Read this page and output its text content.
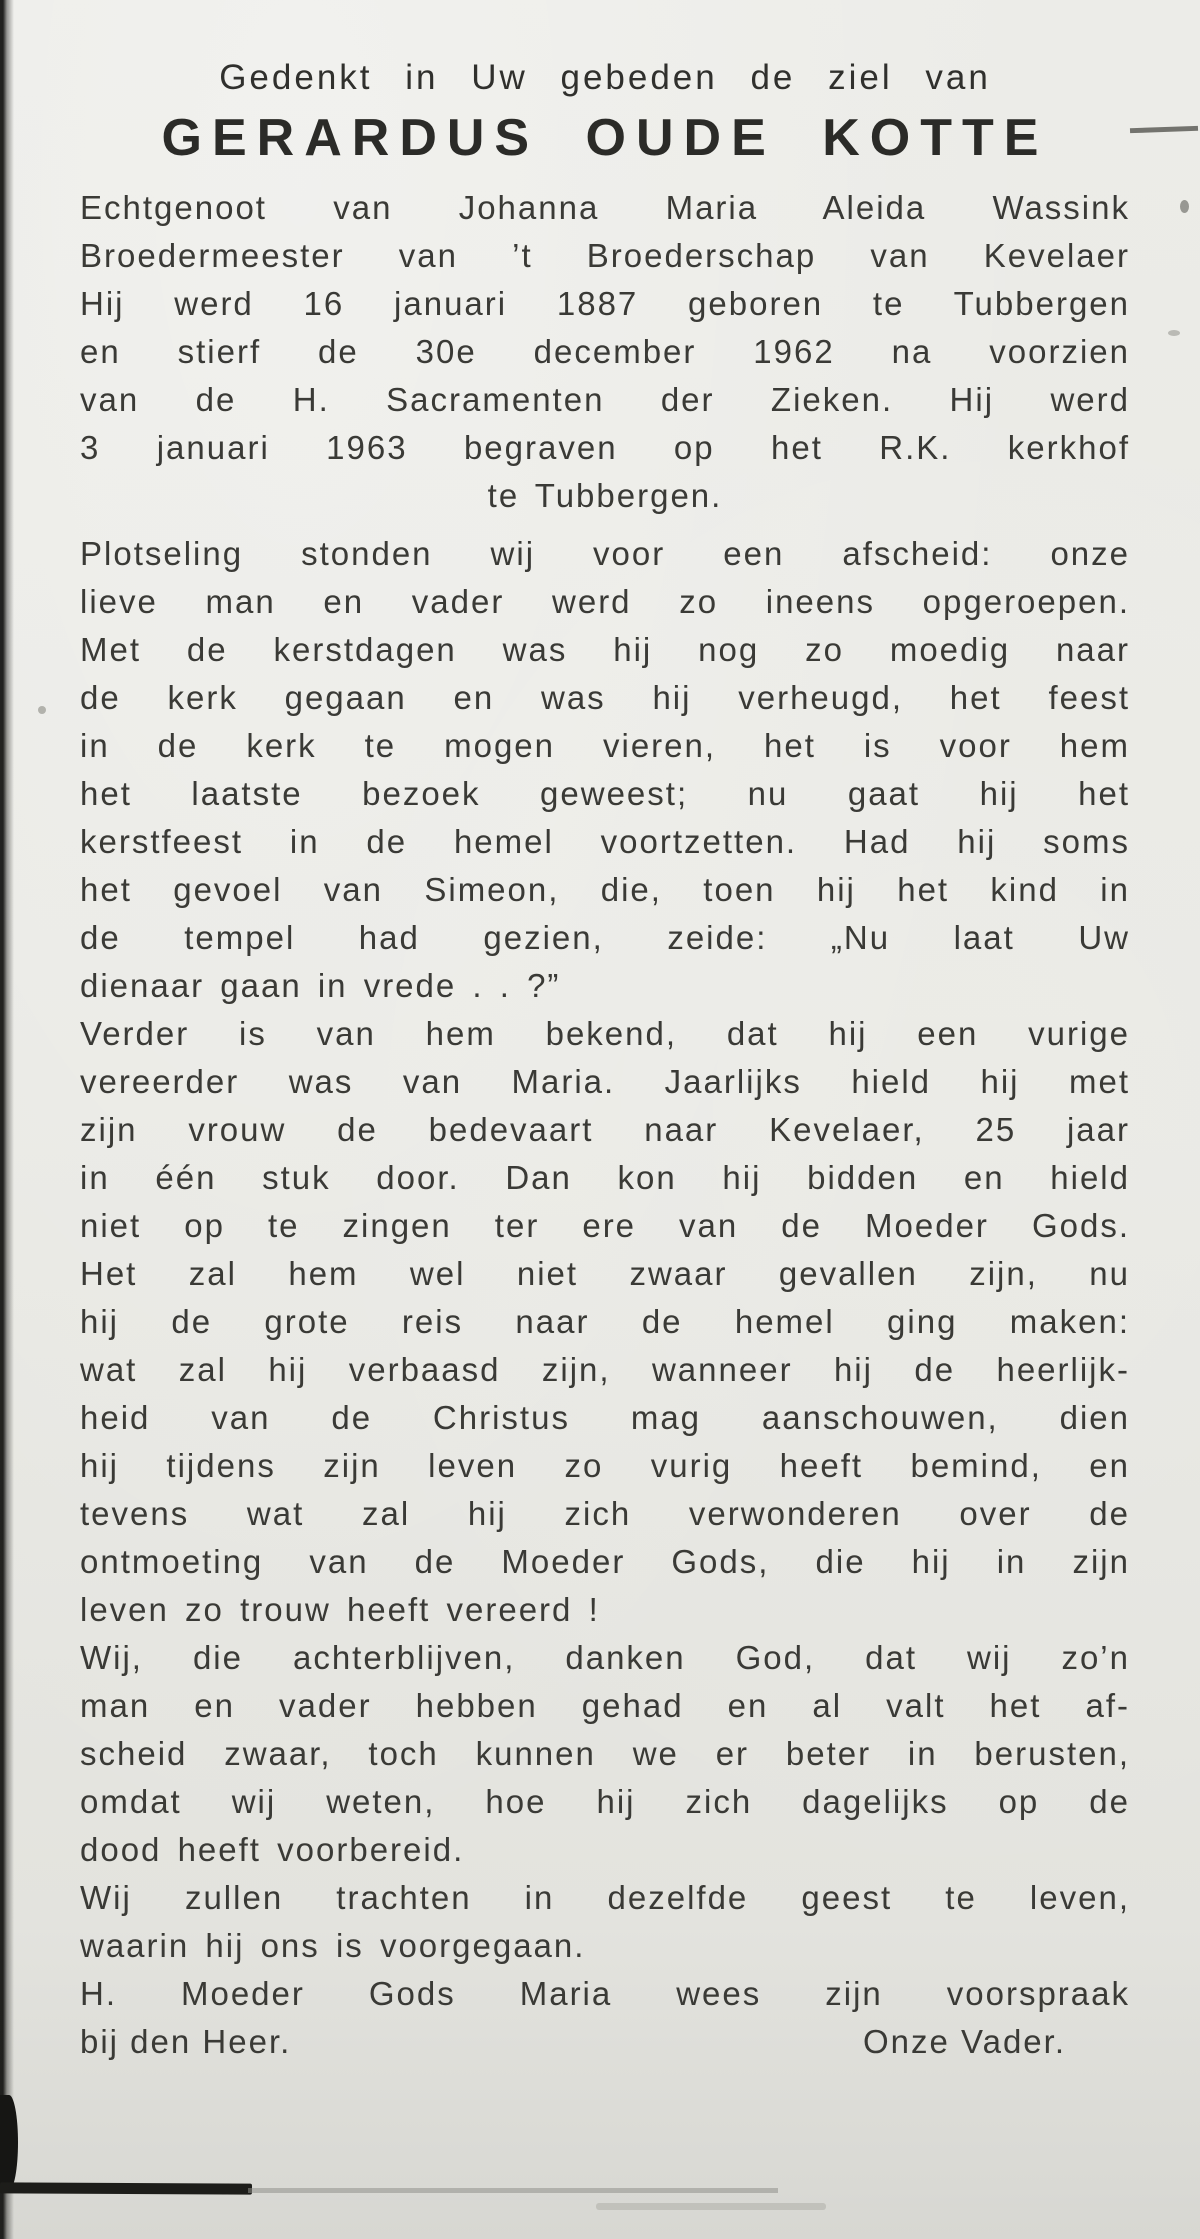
Gedenkt in Uw gebeden de ziel van
GERARDUS OUDE KOTTE
Echtgenoot van Johanna Maria Aleida Wassink
Broedermeester van ’t Broederschap van Kevelaer
Hij werd 16 januari 1887 geboren te Tubbergen
en stierf de 30e december 1962 na voorzien
van de H. Sacramenten der Zieken. Hij werd
3 januari 1963 begraven op het R.K. kerkhof
te Tubbergen.
Plotseling stonden wij voor een afscheid: onze
lieve man en vader werd zo ineens opgeroepen.
Met de kerstdagen was hij nog zo moedig naar
de kerk gegaan en was hij verheugd, het feest
in de kerk te mogen vieren, het is voor hem
het laatste bezoek geweest; nu gaat hij het
kerstfeest in de hemel voortzetten. Had hij soms
het gevoel van Simeon, die, toen hij het kind in
de tempel had gezien, zeide: „Nu laat Uw
dienaar gaan in vrede . . ?”
Verder is van hem bekend, dat hij een vurige
vereerder was van Maria. Jaarlijks hield hij met
zijn vrouw de bedevaart naar Kevelaer, 25 jaar
in één stuk door. Dan kon hij bidden en hield
niet op te zingen ter ere van de Moeder Gods.
Het zal hem wel niet zwaar gevallen zijn, nu
hij de grote reis naar de hemel ging maken:
wat zal hij verbaasd zijn, wanneer hij de heerlijk-
heid van de Christus mag aanschouwen, dien
hij tijdens zijn leven zo vurig heeft bemind, en
tevens wat zal hij zich verwonderen over de
ontmoeting van de Moeder Gods, die hij in zijn
leven zo trouw heeft vereerd !
Wij, die achterblijven, danken God, dat wij zo’n
man en vader hebben gehad en al valt het af-
scheid zwaar, toch kunnen we er beter in berusten,
omdat wij weten, hoe hij zich dagelijks op de
dood heeft voorbereid.
Wij zullen trachten in dezelfde geest te leven,
waarin hij ons is voorgegaan.
H. Moeder Gods Maria wees zijn voorspraak
bij den Heer.	Onze Vader.
